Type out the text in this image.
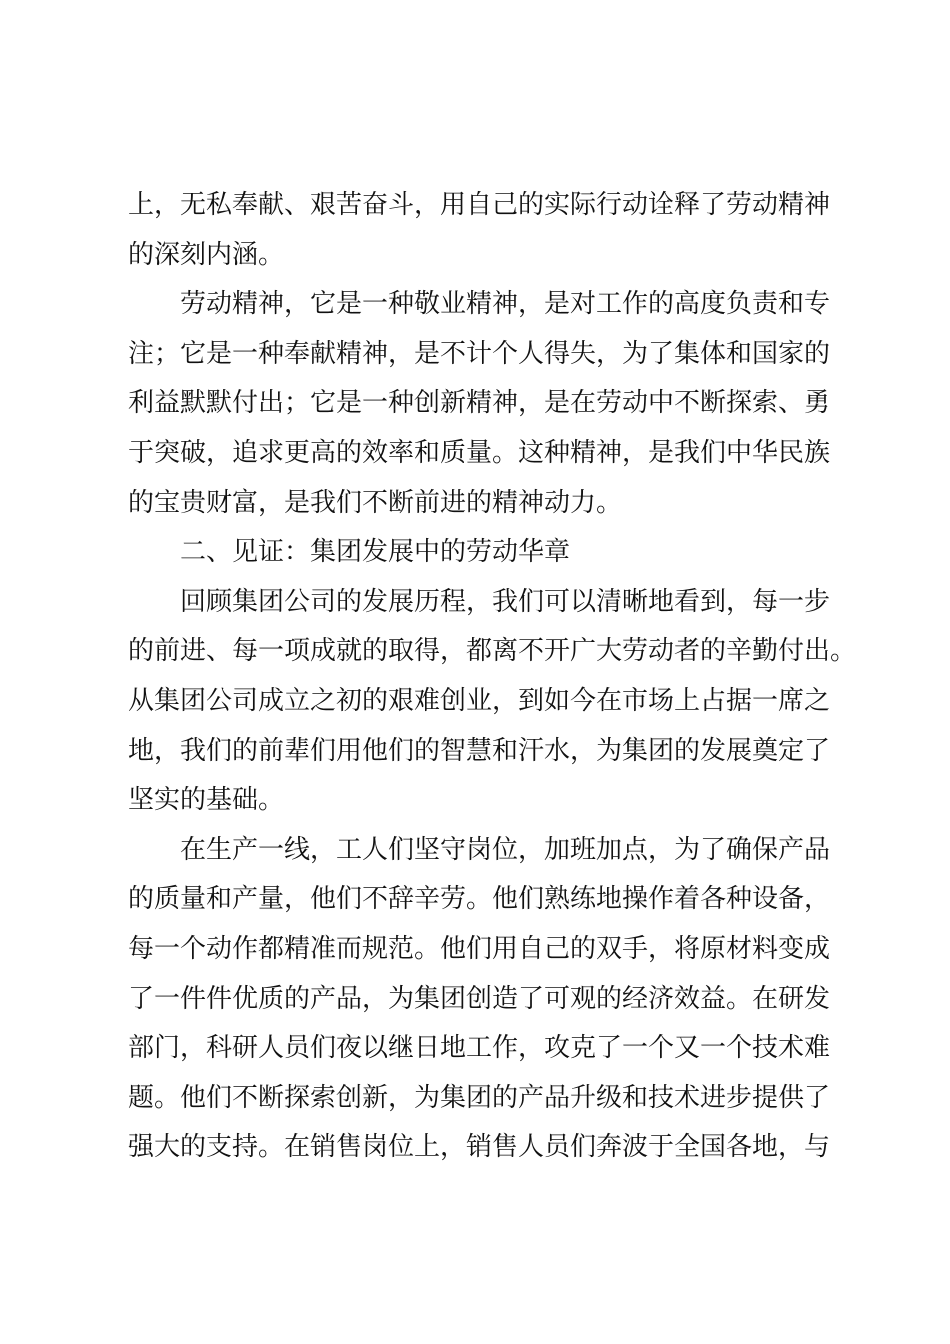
上，无私奉献、艰苦奋斗，用自己的实际行动诠释了劳动精神
的深刻内涵。

劳动精神，它是一种敬业精神，是对工作的高度负责和专
注；它是一种奉献精神，是不计个人得失，为了集体和国家的
利益默默付出；它是一种创新精神，是在劳动中不断探索、勇
于突破，追求更高的效率和质量。这种精神，是我们中华民族
的宝贵财富，是我们不断前进的精神动力。

二、见证：集团发展中的劳动华章

回顾集团公司的发展历程，我们可以清晰地看到，每一步
的前进、每一项成就的取得，都离不开广大劳动者的辛勤付出。
从集团公司成立之初的艰难创业，到如今在市场上占据一席之
地，我们的前辈们用他们的智慧和汗水，为集团的发展奠定了
坚实的基础。

在生产一线，工人们坚守岗位，加班加点，为了确保产品
的质量和产量，他们不辞辛劳。他们熟练地操作着各种设备，
每一个动作都精准而规范。他们用自己的双手，将原材料变成
了一件件优质的产品，为集团创造了可观的经济效益。在研发
部门，科研人员们夜以继日地工作，攻克了一个又一个技术难
题。他们不断探索创新，为集团的产品升级和技术进步提供了
强大的支持。在销售岗位上，销售人员们奔波于全国各地，与
